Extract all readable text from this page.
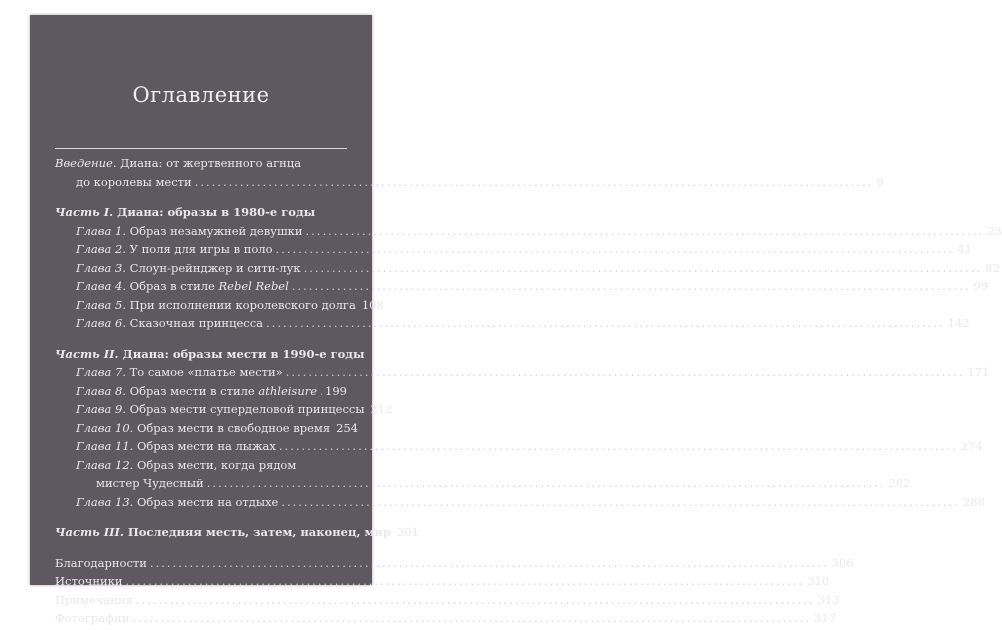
Оглавление
Введение. Диана: от жертвенного агнца
до королевы мести .....	9
Часть I. Диана: образы в 1980-е годы
Глава 1. Образ незамужней девушки .....	23
Глава 2. У поля для игры в поло .....	41
Глава 3. Слоун-рейнджер и сити-лук .....	82
Глава 4. Образ в стиле Rebel Rebel .....	99
Глава 5. При исполнении королевского долга 108
Глава 6. Сказочная принцесса .....	142
Часть II. Диана: образы мести в 1990-е годы
Глава 7. То самое «платье мести» .....	171
Глава 8. Образ мести в стиле athleisure ..... 199
Глава 9. Образ мести суперделовой принцессы 212
Глава 10. Образ мести в свободное время 254
Глава 11. Образ мести на лыжах .....	274
Глава 12. Образ мести, когда рядом
мистер Чудесный .....	282
Глава 13. Образ мести на отдыхе .....	288
Часть III. Последняя месть, затем, наконец, мир 301
Благодарности .....	306
Источники .....	310
Примечания .....	313
Фотографии .....	317
